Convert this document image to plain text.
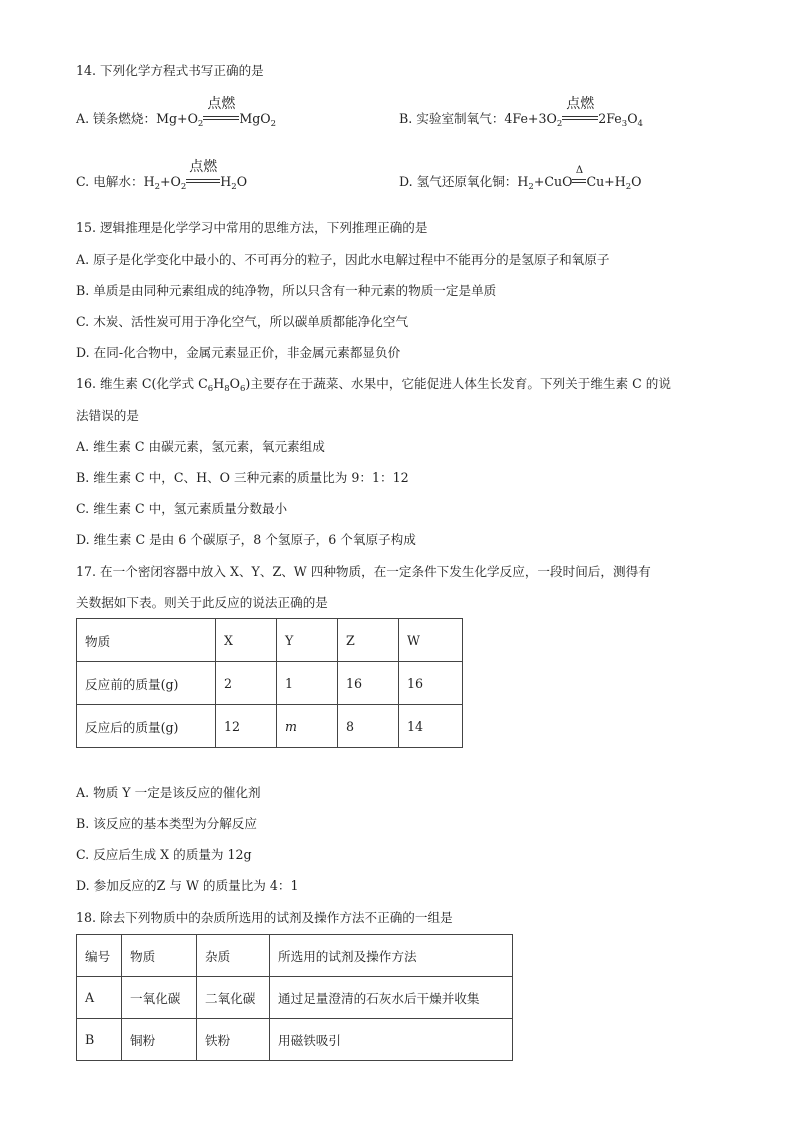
14. 下列化学方程式书写正确的是
A. 镁条燃烧：$Mg+O_2$
点燃
MgO$_2$	B. 实验室制氧气：$4Fe+3O_2$
点燃
$2Fe_3O_4$
C. 电解水：$H_2+O_2$
点燃
$H_2O$	D. 氢气还原氧化铜：$H_2+CuO$
Δ
$Cu+H_2O$
15. 逻辑推理是化学学习中常用的思维方法，下列推理正确的是
A. 原子是化学变化中最小的、不可再分的粒子，因此水电解过程中不能再分的是氢原子和氧原子
B. 单质是由同种元素组成的纯净物，所以只含有一种元素的物质一定是单质
C. 木炭、活性炭可用于净化空气，所以碳单质都能净化空气
D. 在同-化合物中，金属元素显正价，非金属元素都显负价
16. 维生素 C(化学式 $C_6H_8O_6$)主要存在于蔬菜、水果中，它能促进人体生长发育。下列关于维生素 C 的说
法错误的是
A. 维生素 C 由碳元素，氢元素，氧元素组成
B. 维生素 C 中，C、H、O 三种元素的质量比为 9：1：12
C. 维生素 C 中，氢元素质量分数最小
D. 维生素 C 是由 6 个碳原子，8 个氢原子，6 个氧原子构成
17. 在一个密闭容器中放入 X、Y、Z、W 四种物质，在一定条件下发生化学反应，一段时间后，测得有
关数据如下表。则关于此反应的说法正确的是
物质	X	Y	Z	W
反应前的质量(g)	2	1	16	16
反应后的质量(g)	12	m	8	14
A. 物质 Y 一定是该反应的催化剂
B. 该反应的基本类型为分解反应
C. 反应后生成 X 的质量为 12g
D. 参加反应的Z 与 W 的质量比为 4：1
18. 除去下列物质中的杂质所选用的试剂及操作方法不正确的一组是
编号	物质	杂质	所选用的试剂及操作方法
A	一氧化碳	二氧化碳	通过足量澄清的石灰水后干燥并收集
B	铜粉	铁粉	用磁铁吸引
